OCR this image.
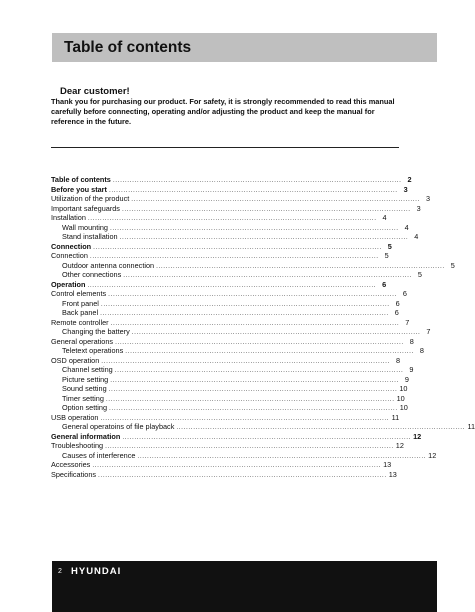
Table of contents
Dear customer!
Thank you for purchasing our product. For safety, it is strongly recommended to read this manual carefully before connecting, operating and/or adjusting the product and keep the manual for reference in the future.
Table of contents ........................................................................................................................ 2
Before you start ........................................................................................................................ 3
Utilization of the product ........................................................................................................................ 3
Important safeguards ........................................................................................................................ 3
Installation ........................................................................................................................ 4
Wall mounting ........................................................................................................................ 4
Stand installation ........................................................................................................................ 4
Connection ........................................................................................................................ 5
Connection ........................................................................................................................ 5
Outdoor antenna connection ........................................................................................................................ 5
Other connections ........................................................................................................................ 5
Operation ........................................................................................................................ 6
Control elements ........................................................................................................................ 6
Front panel ........................................................................................................................ 6
Back panel ........................................................................................................................ 6
Remote controller ........................................................................................................................ 7
Changing the battery ........................................................................................................................ 7
General operations ........................................................................................................................ 8
Teletext operations ........................................................................................................................ 8
OSD operation ........................................................................................................................ 8
Channel setting ........................................................................................................................ 9
Picture setting ........................................................................................................................ 9
Sound setting ........................................................................................................................ 10
Timer setting ........................................................................................................................ 10
Option setting ........................................................................................................................ 10
USB operation ........................................................................................................................ 11
General operatoins of file playback ........................................................................................................................ 11
General information ........................................................................................................................ 12
Troubleshooting ........................................................................................................................ 12
Causes of interference ........................................................................................................................ 12
Accessories ........................................................................................................................ 13
Specifications ........................................................................................................................ 13
2 HYUNDAI
